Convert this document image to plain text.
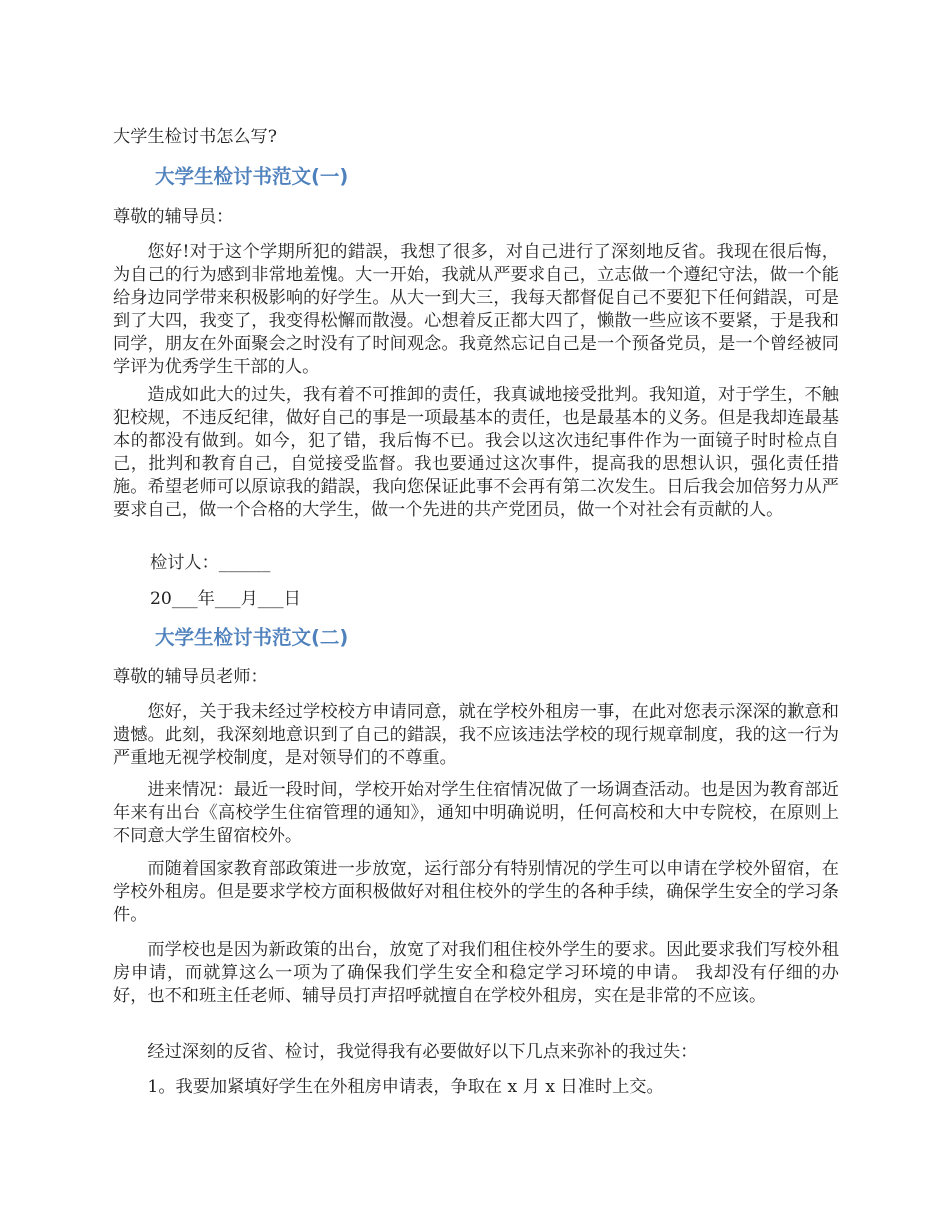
大学生检讨书怎么写?

大学生检讨书范文(一)

尊敬的辅导员：

您好!对于这个学期所犯的錯誤，我想了很多，对自己进行了深刻地反省。我现在很后悔，为自己的行为感到非常地羞愧。大一开始，我就从严要求自己，立志做一个遵纪守法，做一个能给身边同学带来积极影响的好学生。从大一到大三，我每天都督促自己不要犯下任何錯誤，可是到了大四，我变了，我变得松懈而散漫。心想着反正都大四了，懒散一些应该不要紧，于是我和同学，朋友在外面聚会之时没有了时间观念。我竟然忘记自己是一个预备党员，是一个曾经被同学评为优秀学生干部的人。

造成如此大的过失，我有着不可推卸的责任，我真诚地接受批判。我知道，对于学生，不触犯校规，不违反纪律，做好自己的事是一项最基本的责任，也是最基本的义务。但是我却连最基本的都没有做到。如今，犯了错，我后悔不已。我会以这次违纪事件作为一面镜子时时检点自己，批判和教育自己，自觉接受监督。我也要通过这次事件，提高我的思想认识，强化责任措施。希望老师可以原谅我的錯誤，我向您保证此事不会再有第二次发生。日后我会加倍努力从严要求自己，做一个合格的大学生，做一个先进的共产党团员，做一个对社会有贡献的人。

检讨人：______

20___年___月___日

大学生检讨书范文(二)

尊敬的辅导员老师：

您好，关于我未经过学校校方申请同意，就在学校外租房一事，在此对您表示深深的歉意和遗憾。此刻，我深刻地意识到了自己的錯誤，我不应该违法学校的现行规章制度，我的这一行为严重地无视学校制度，是对领导们的不尊重。

进来情况：最近一段时间，学校开始对学生住宿情况做了一场调查活动。也是因为教育部近年来有出台《高校学生住宿管理的通知》，通知中明确说明，任何高校和大中专院校，在原则上不同意大学生留宿校外。

而随着国家教育部政策进一步放宽，运行部分有特别情况的学生可以申请在学校外留宿，在学校外租房。但是要求学校方面积极做好对租住校外的学生的各种手续，确保学生安全的学习条件。

而学校也是因为新政策的出台，放宽了对我们租住校外学生的要求。因此要求我们写校外租房申请，而就算这么一项为了确保我们学生安全和稳定学习环境的申请。 我却没有仔细的办好，也不和班主任老师、辅导员打声招呼就擅自在学校外租房，实在是非常的不应该。

经过深刻的反省、检讨，我觉得我有必要做好以下几点来弥补的我过失：

1。我要加紧填好学生在外租房申请表，争取在 x 月 x 日准时上交。
